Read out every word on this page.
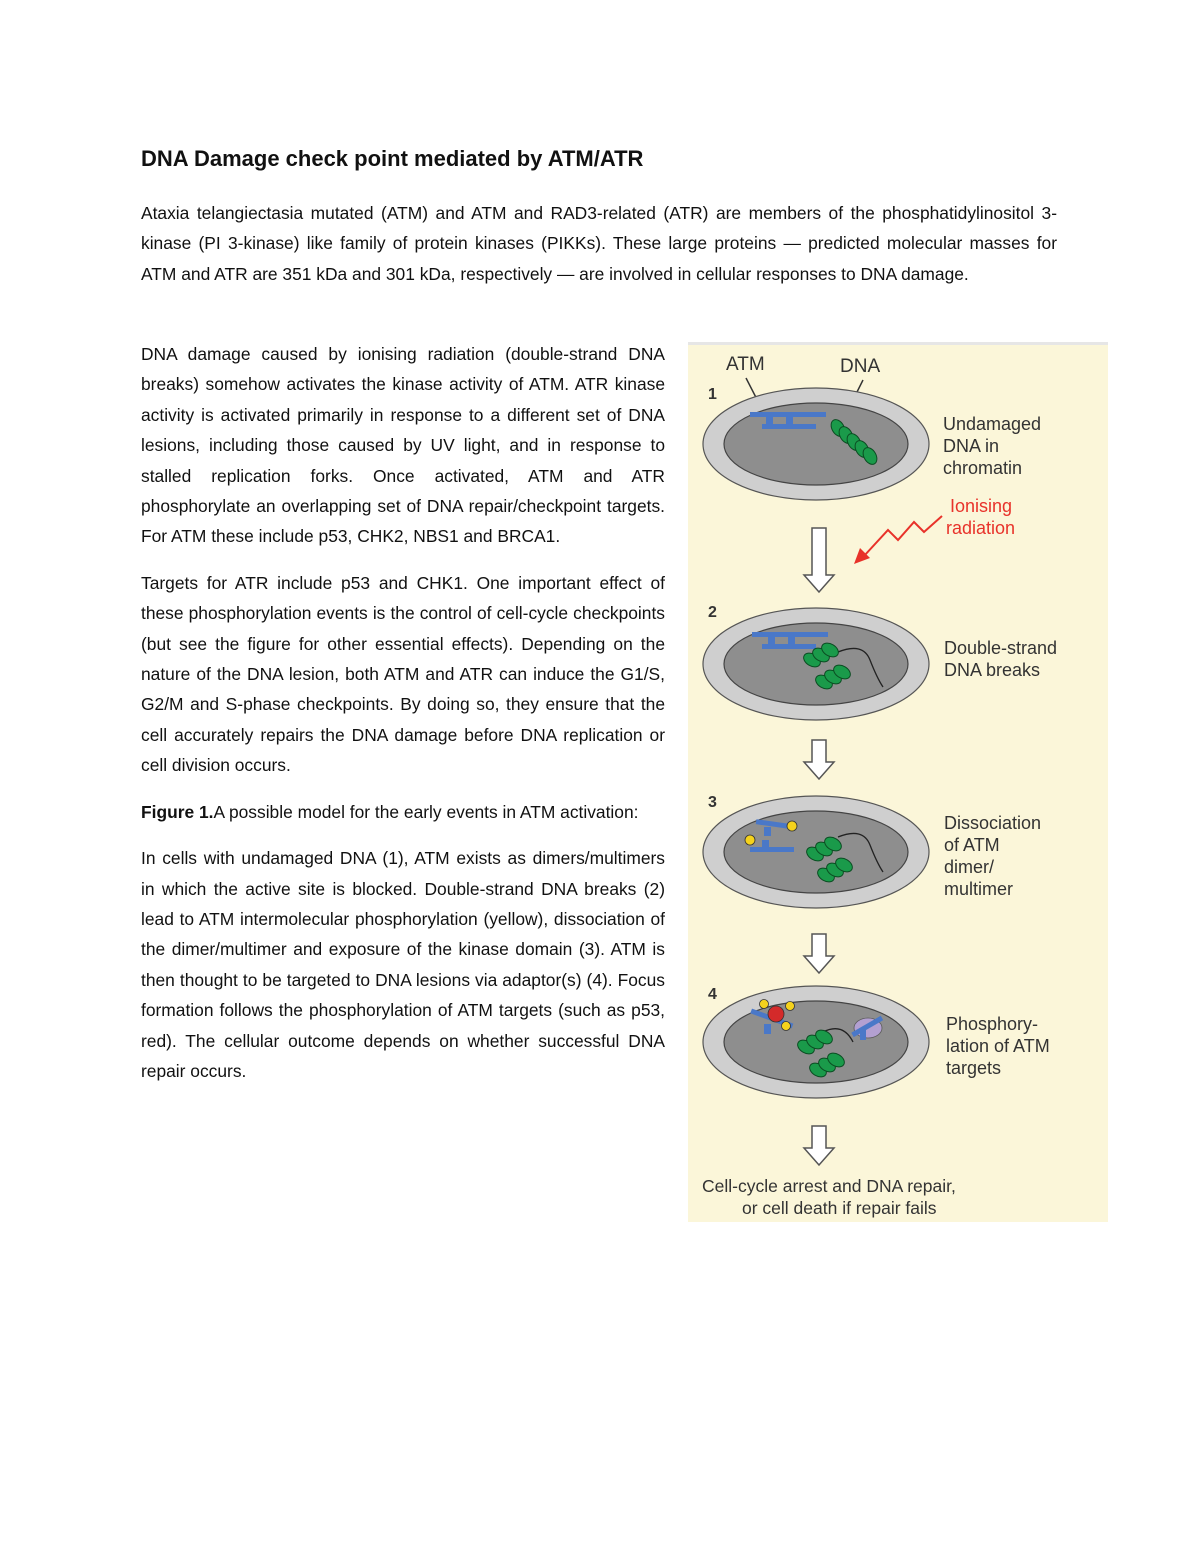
DNA Damage check point mediated by ATM/ATR

Ataxia telangiectasia mutated (ATM) and ATM and RAD3-related (ATR) are members of the phosphatidylinositol 3-kinase (PI 3-kinase) like family of protein kinases (PIKKs). These large proteins — predicted molecular masses for ATM and ATR are 351 kDa and 301 kDa, respectively — are involved in cellular responses to DNA damage.

DNA damage caused by ionising radiation (double-strand DNA breaks) somehow activates the kinase activity of ATM. ATR kinase activity is activated primarily in response to a different set of DNA lesions, including those caused by UV light, and in response to stalled replication forks. Once activated, ATM and ATR phosphorylate an overlapping set of DNA repair/checkpoint targets. For ATM these include p53, CHK2, NBS1 and BRCA1.

Targets for ATR include p53 and CHK1. One important effect of these phosphorylation events is the control of cell-cycle checkpoints (but see the figure for other essential effects). Depending on the nature of the DNA lesion, both ATM and ATR can induce the G1/S, G2/M and S-phase checkpoints. By doing so, they ensure that the cell accurately repairs the DNA damage before DNA replication or cell division occurs.

Figure 1.A possible model for the early events in ATM activation:

In cells with undamaged DNA (1), ATM exists as dimers/multimers in which the active site is blocked. Double-strand DNA breaks (2) lead to ATM intermolecular phosphorylation (yellow), dissociation of the dimer/multimer and exposure of the kinase domain (3). ATM is then thought to be targeted to DNA lesions via adaptor(s) (4). Focus formation follows the phosphorylation of ATM targets (such as p53, red). The cellular outcome depends on whether successful DNA repair occurs.

ATM	DNA
1
Undamaged
DNA in
chromatin
Ionising
radiation
2
Double-strand
DNA breaks
3
Dissociation
of ATM
dimer/
multimer
4
Phosphory-
lation of ATM
targets
Cell-cycle arrest and DNA repair,
or cell death if repair fails
